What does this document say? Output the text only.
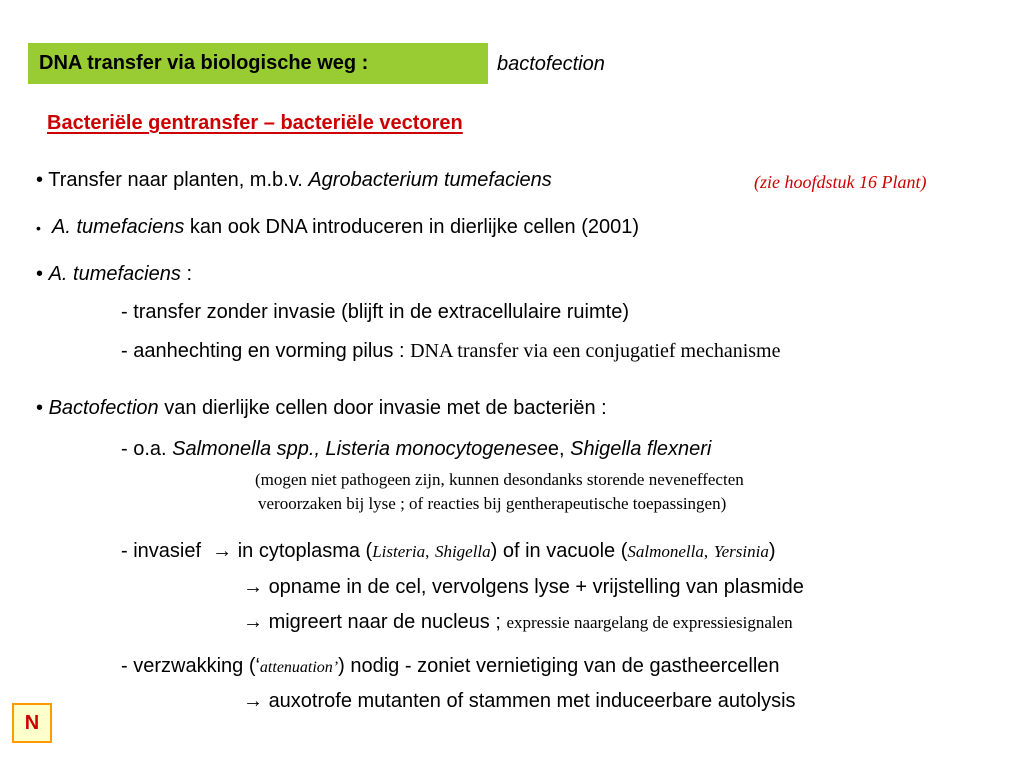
DNA transfer via biologische weg :	bactofection
Bacteriële gentransfer – bacteriële vectoren
• Transfer naar planten, m.b.v. Agrobacterium tumefaciens	(zie hoofdstuk 16 Plant)
• A. tumefaciens kan ook DNA introduceren in dierlijke cellen (2001)
• A. tumefaciens :
- transfer zonder invasie (blijft in de extracellulaire ruimte)
- aanhechting en vorming pilus : DNA transfer via een conjugatief mechanisme
• Bactofection van dierlijke cellen door invasie met de bacteriën :
- o.a. Salmonella spp., Listeria monocytogenesee, Shigella flexneri
(mogen niet pathogeen zijn, kunnen desondanks storende neveneffecten
veroorzaken bij lyse ; of reacties bij gentherapeutische toepassingen)
- invasief → in cytoplasma (Listeria, Shigella) of in vacuole (Salmonella, Yersinia)
→ opname in de cel, vervolgens lyse + vrijstelling van plasmide
→ migreert naar de nucleus ; expressie naargelang de expressiesignalen
- verzwakking (‘attenuation’) nodig - zoniet vernietiging van de gastheercellen
→ auxotrofe mutanten of stammen met induceerbare autolysis
N
